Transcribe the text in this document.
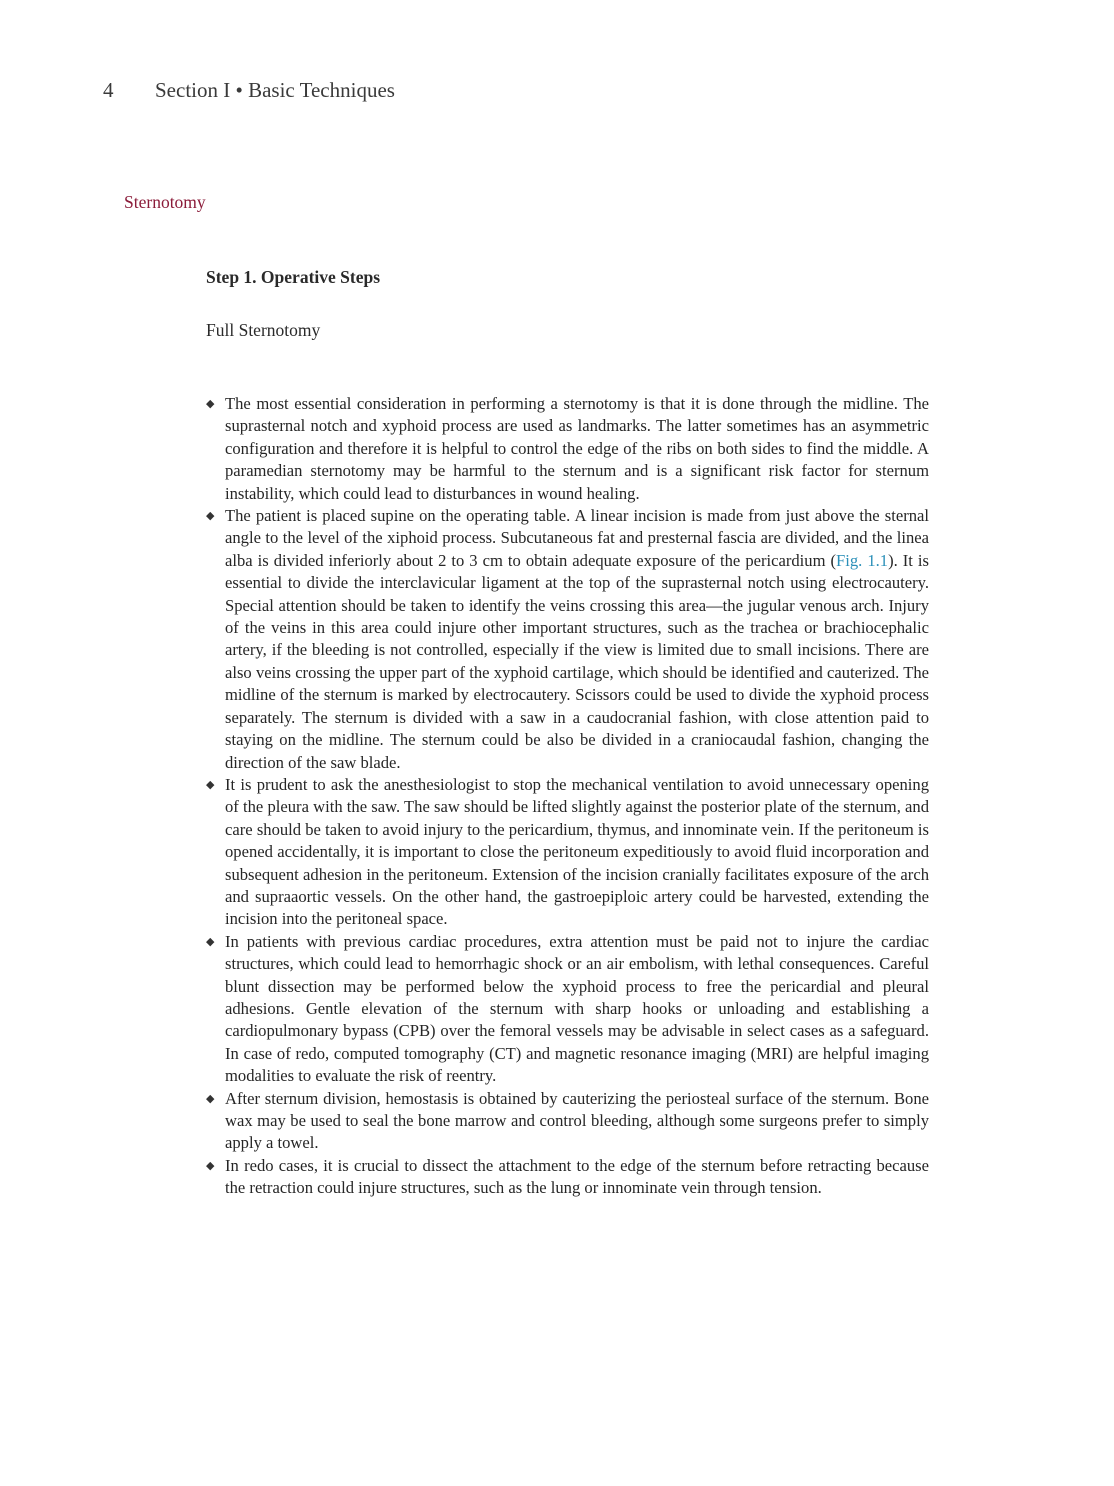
4 Section I • Basic Techniques
Sternotomy
Step 1. Operative Steps
Full Sternotomy
◆ The most essential consideration in performing a sternotomy is that it is done through the midline. The suprasternal notch and xyphoid process are used as landmarks. The latter sometimes has an asymmetric configuration and therefore it is helpful to control the edge of the ribs on both sides to find the middle. A paramedian sternotomy may be harmful to the sternum and is a significant risk factor for sternum instability, which could lead to disturbances in wound healing.
◆ The patient is placed supine on the operating table. A linear incision is made from just above the sternal angle to the level of the xiphoid process. Subcutaneous fat and presternal fascia are divided, and the linea alba is divided inferiorly about 2 to 3 cm to obtain adequate exposure of the pericardium (Fig. 1.1). It is essential to divide the interclavicular ligament at the top of the suprasternal notch using electrocautery. Special attention should be taken to identify the veins crossing this area—the jugular venous arch. Injury of the veins in this area could injure other important structures, such as the trachea or brachiocephalic artery, if the bleeding is not controlled, especially if the view is limited due to small incisions. There are also veins crossing the upper part of the xyphoid cartilage, which should be identified and cauterized. The midline of the sternum is marked by electrocautery. Scissors could be used to divide the xyphoid process separately. The sternum is divided with a saw in a caudocranial fashion, with close attention paid to staying on the midline. The sternum could be also be divided in a craniocaudal fashion, changing the direction of the saw blade.
◆ It is prudent to ask the anesthesiologist to stop the mechanical ventilation to avoid unnecessary opening of the pleura with the saw. The saw should be lifted slightly against the posterior plate of the sternum, and care should be taken to avoid injury to the pericardium, thymus, and innominate vein. If the peritoneum is opened accidentally, it is important to close the peritoneum expeditiously to avoid fluid incorporation and subsequent adhesion in the peritoneum. Extension of the incision cranially facilitates exposure of the arch and supraaortic vessels. On the other hand, the gastroepiploic artery could be harvested, extending the incision into the peritoneal space.
◆ In patients with previous cardiac procedures, extra attention must be paid not to injure the cardiac structures, which could lead to hemorrhagic shock or an air embolism, with lethal consequences. Careful blunt dissection may be performed below the xyphoid process to free the pericardial and pleural adhesions. Gentle elevation of the sternum with sharp hooks or unloading and establishing a cardiopulmonary bypass (CPB) over the femoral vessels may be advisable in select cases as a safeguard. In case of redo, computed tomography (CT) and magnetic resonance imaging (MRI) are helpful imaging modalities to evaluate the risk of reentry.
◆ After sternum division, hemostasis is obtained by cauterizing the periosteal surface of the sternum. Bone wax may be used to seal the bone marrow and control bleeding, although some surgeons prefer to simply apply a towel.
◆ In redo cases, it is crucial to dissect the attachment to the edge of the sternum before retracting because the retraction could injure structures, such as the lung or innominate vein through tension.
